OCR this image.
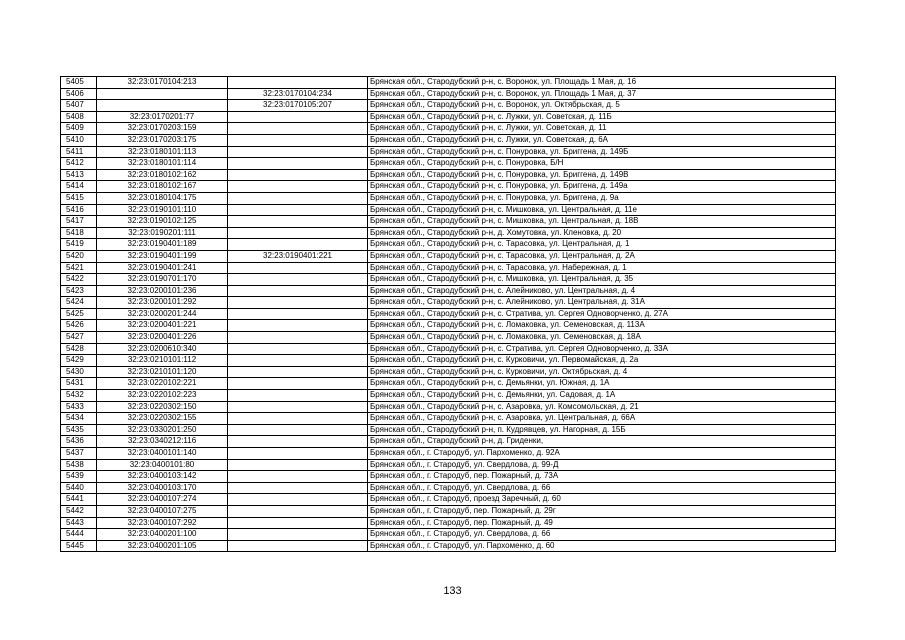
5405	32:23:0170104:213		Брянская обл., Стародубский р-н, с. Воронок, ул. Площадь 1 Мая, д. 16
5406		32:23:0170104:234	Брянская обл., Стародубский р-н, с. Воронок, ул. Площадь 1 Мая, д. 37
5407		32:23:0170105:207	Брянская обл., Стародубский р-н, с. Воронок, ул. Октябрьская, д. 5
5408	32:23:0170201:77		Брянская обл., Стародубский р-н, с. Лужки, ул. Советская, д. 11Б
5409	32:23:0170203:159		Брянская обл., Стародубский р-н, с. Лужки, ул. Советская, д. 11
5410	32:23:0170203:175		Брянская обл., Стародубский р-н, с. Лужки, ул. Советская, д. 6А
5411	32:23:0180101:113		Брянская обл., Стародубский р-н, с. Понуровка, ул. Бриггена, д. 149Б
5412	32:23:0180101:114		Брянская обл., Стародубский р-н, с. Понуровка, Б/Н
5413	32:23:0180102:162		Брянская обл., Стародубский р-н, с. Понуровка, ул. Бриггена, д. 149В
5414	32:23:0180102:167		Брянская обл., Стародубский р-н, с. Понуровка, ул. Бриггена, д. 149а
5415	32:23:0180104:175		Брянская обл., Стародубский р-н, с. Понуровка, ул. Бриггена, д. 9а
5416	32:23:0190101:110		Брянская обл., Стародубский р-н, с. Мишковка, ул. Центральная, д. 11е
5417	32:23:0190102:125		Брянская обл., Стародубский р-н, с. Мишковка, ул. Центральная, д. 18В
5418	32:23:0190201:111		Брянская обл., Стародубский р-н, д. Хомутовка, ул. Кленовка, д. 20
5419	32:23:0190401:189		Брянская обл., Стародубский р-н, с. Тарасовка, ул. Центральная, д. 1
5420	32:23:0190401:199	32:23:0190401:221	Брянская обл., Стародубский р-н, с. Тарасовка, ул. Центральная, д. 2А
5421	32:23:0190401:241		Брянская обл., Стародубский р-н, с. Тарасовка, ул. Набережная, д. 1
5422	32:23:0190701:170		Брянская обл., Стародубский р-н, с. Мишковка, ул. Центральная, д. 35
5423	32:23:0200101:236		Брянская обл., Стародубский р-н, с. Алейниково, ул. Центральная, д. 4
5424	32:23:0200101:292		Брянская обл., Стародубский р-н, с. Алейниково, ул. Центральная, д. 31А
5425	32:23:0200201:244		Брянская обл., Стародубский р-н, с. Стратива, ул. Сергея Одноворченко, д. 27А
5426	32:23:0200401:221		Брянская обл., Стародубский р-н, с. Ломаковка, ул. Семеновская, д. 113А
5427	32:23:0200401:226		Брянская обл., Стародубский р-н, с. Ломаковка, ул. Семеновская, д. 18А
5428	32:23:0200610:340		Брянская обл., Стародубский р-н, с. Стратива, ул. Сергея Одноворченко, д. 33А
5429	32:23:0210101:112		Брянская обл., Стародубский р-н, с. Курковичи, ул. Первомайская, д. 2а
5430	32:23:0210101:120		Брянская обл., Стародубский р-н, с. Курковичи, ул. Октябрьская, д. 4
5431	32:23:0220102:221		Брянская обл., Стародубский р-н, с. Демьянки, ул. Южная, д. 1А
5432	32:23:0220102:223		Брянская обл., Стародубский р-н, с. Демьянки, ул. Садовая, д. 1А
5433	32:23:0220302:150		Брянская обл., Стародубский р-н, с. Азаровка, ул. Комсомольская, д. 21
5434	32:23:0220302:155		Брянская обл., Стародубский р-н, с. Азаровка, ул. Центральная, д. 66А
5435	32:23:0330201:250		Брянская обл., Стародубский р-н, п. Кудрявцев, ул. Нагорная, д. 15Б
5436	32:23:0340212:116		Брянская обл., Стародубский р-н, д. Гриденки,
5437	32:23:0400101:140		Брянская обл., г. Стародуб, ул. Пархоменко, д. 92А
5438	32:23:0400101:80		Брянская обл., г. Стародуб, ул. Свердлова, д. 99-Д
5439	32:23:0400103:142		Брянская обл., г. Стародуб, пер. Пожарный, д. 73А
5440	32:23:0400103:170		Брянская обл., г. Стародуб, ул. Свердлова, д. 66
5441	32:23:0400107:274		Брянская обл., г. Стародуб, проезд Заречный, д. 60
5442	32:23:0400107:275		Брянская обл., г. Стародуб, пер. Пожарный, д. 29г
5443	32:23:0400107:292		Брянская обл., г. Стародуб, пер. Пожарный, д. 49
5444	32:23:0400201:100		Брянская обл., г. Стародуб, ул. Свердлова, д. 66
5445	32:23:0400201:105		Брянская обл., г. Стародуб, ул. Пархоменко, д. 60
133
